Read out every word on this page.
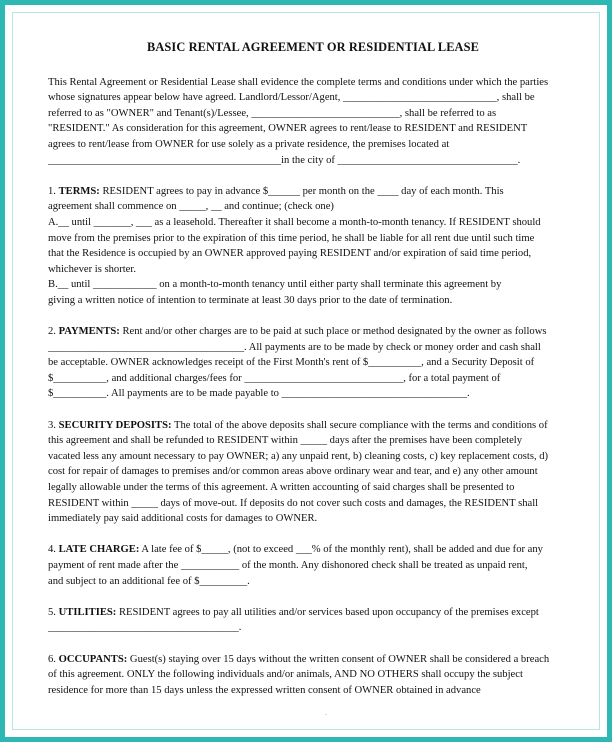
BASIC RENTAL AGREEMENT OR RESIDENTIAL LEASE

This Rental Agreement or Residential Lease shall evidence the complete terms and conditions under which the parties

whose signatures appear below have agreed. Landlord/Lessor/Agent, _____________________________, shall be

referred to as "OWNER" and Tenant(s)/Lessee, ____________________________, shall be referred to as

"RESIDENT." As consideration for this agreement, OWNER agrees to rent/lease to RESIDENT and RESIDENT

agrees to rent/lease from OWNER for use solely as a private residence, the premises located at

____________________________________________in the city of __________________________________.

1. TERMS: RESIDENT agrees to pay in advance $______ per month on the ____ day of each month. This

agreement shall commence on _____, __ and continue; (check one)

A.__ until _______, ___ as a leasehold. Thereafter it shall become a month-to-month tenancy. If RESIDENT should

move from the premises prior to the expiration of this time period, he shall be liable for all rent due until such time

that the Residence is occupied by an OWNER approved paying RESIDENT and/or expiration of said time period,

whichever is shorter.

B.__ until ____________ on a month-to-month tenancy until either party shall terminate this agreement by

giving a written notice of intention to terminate at least 30 days prior to the date of termination.

2. PAYMENTS: Rent and/or other charges are to be paid at such place or method designated by the owner as follows

_____________________________________. All payments are to be made by check or money order and cash shall

be acceptable. OWNER acknowledges receipt of the First Month's rent of $__________, and a Security Deposit of

$__________, and additional charges/fees for ______________________________, for a total payment of

$__________. All payments are to be made payable to ___________________________________.

3. SECURITY DEPOSITS: The total of the above deposits shall secure compliance with the terms and conditions of

this agreement and shall be refunded to RESIDENT within _____ days after the premises have been completely

vacated less any amount necessary to pay OWNER; a) any unpaid rent, b) cleaning costs, c) key replacement costs, d)

cost for repair of damages to premises and/or common areas above ordinary wear and tear, and e) any other amount

legally allowable under the terms of this agreement. A written accounting of said charges shall be presented to

RESIDENT within _____ days of move-out. If deposits do not cover such costs and damages, the RESIDENT shall

immediately pay said additional costs for damages to OWNER.

4. LATE CHARGE: A late fee of $_____, (not to exceed ___% of the monthly rent), shall be added and due for any

payment of rent made after the ___________ of the month. Any dishonored check shall be treated as unpaid rent,

and subject to an additional fee of $_________.

5. UTILITIES: RESIDENT agrees to pay all utilities and/or services based upon occupancy of the premises except

____________________________________.

6. OCCUPANTS: Guest(s) staying over 15 days without the written consent of OWNER shall be considered a breach

of this agreement. ONLY the following individuals and/or animals, AND NO OTHERS shall occupy the subject

residence for more than 15 days unless the expressed written consent of OWNER obtained in advance

.
